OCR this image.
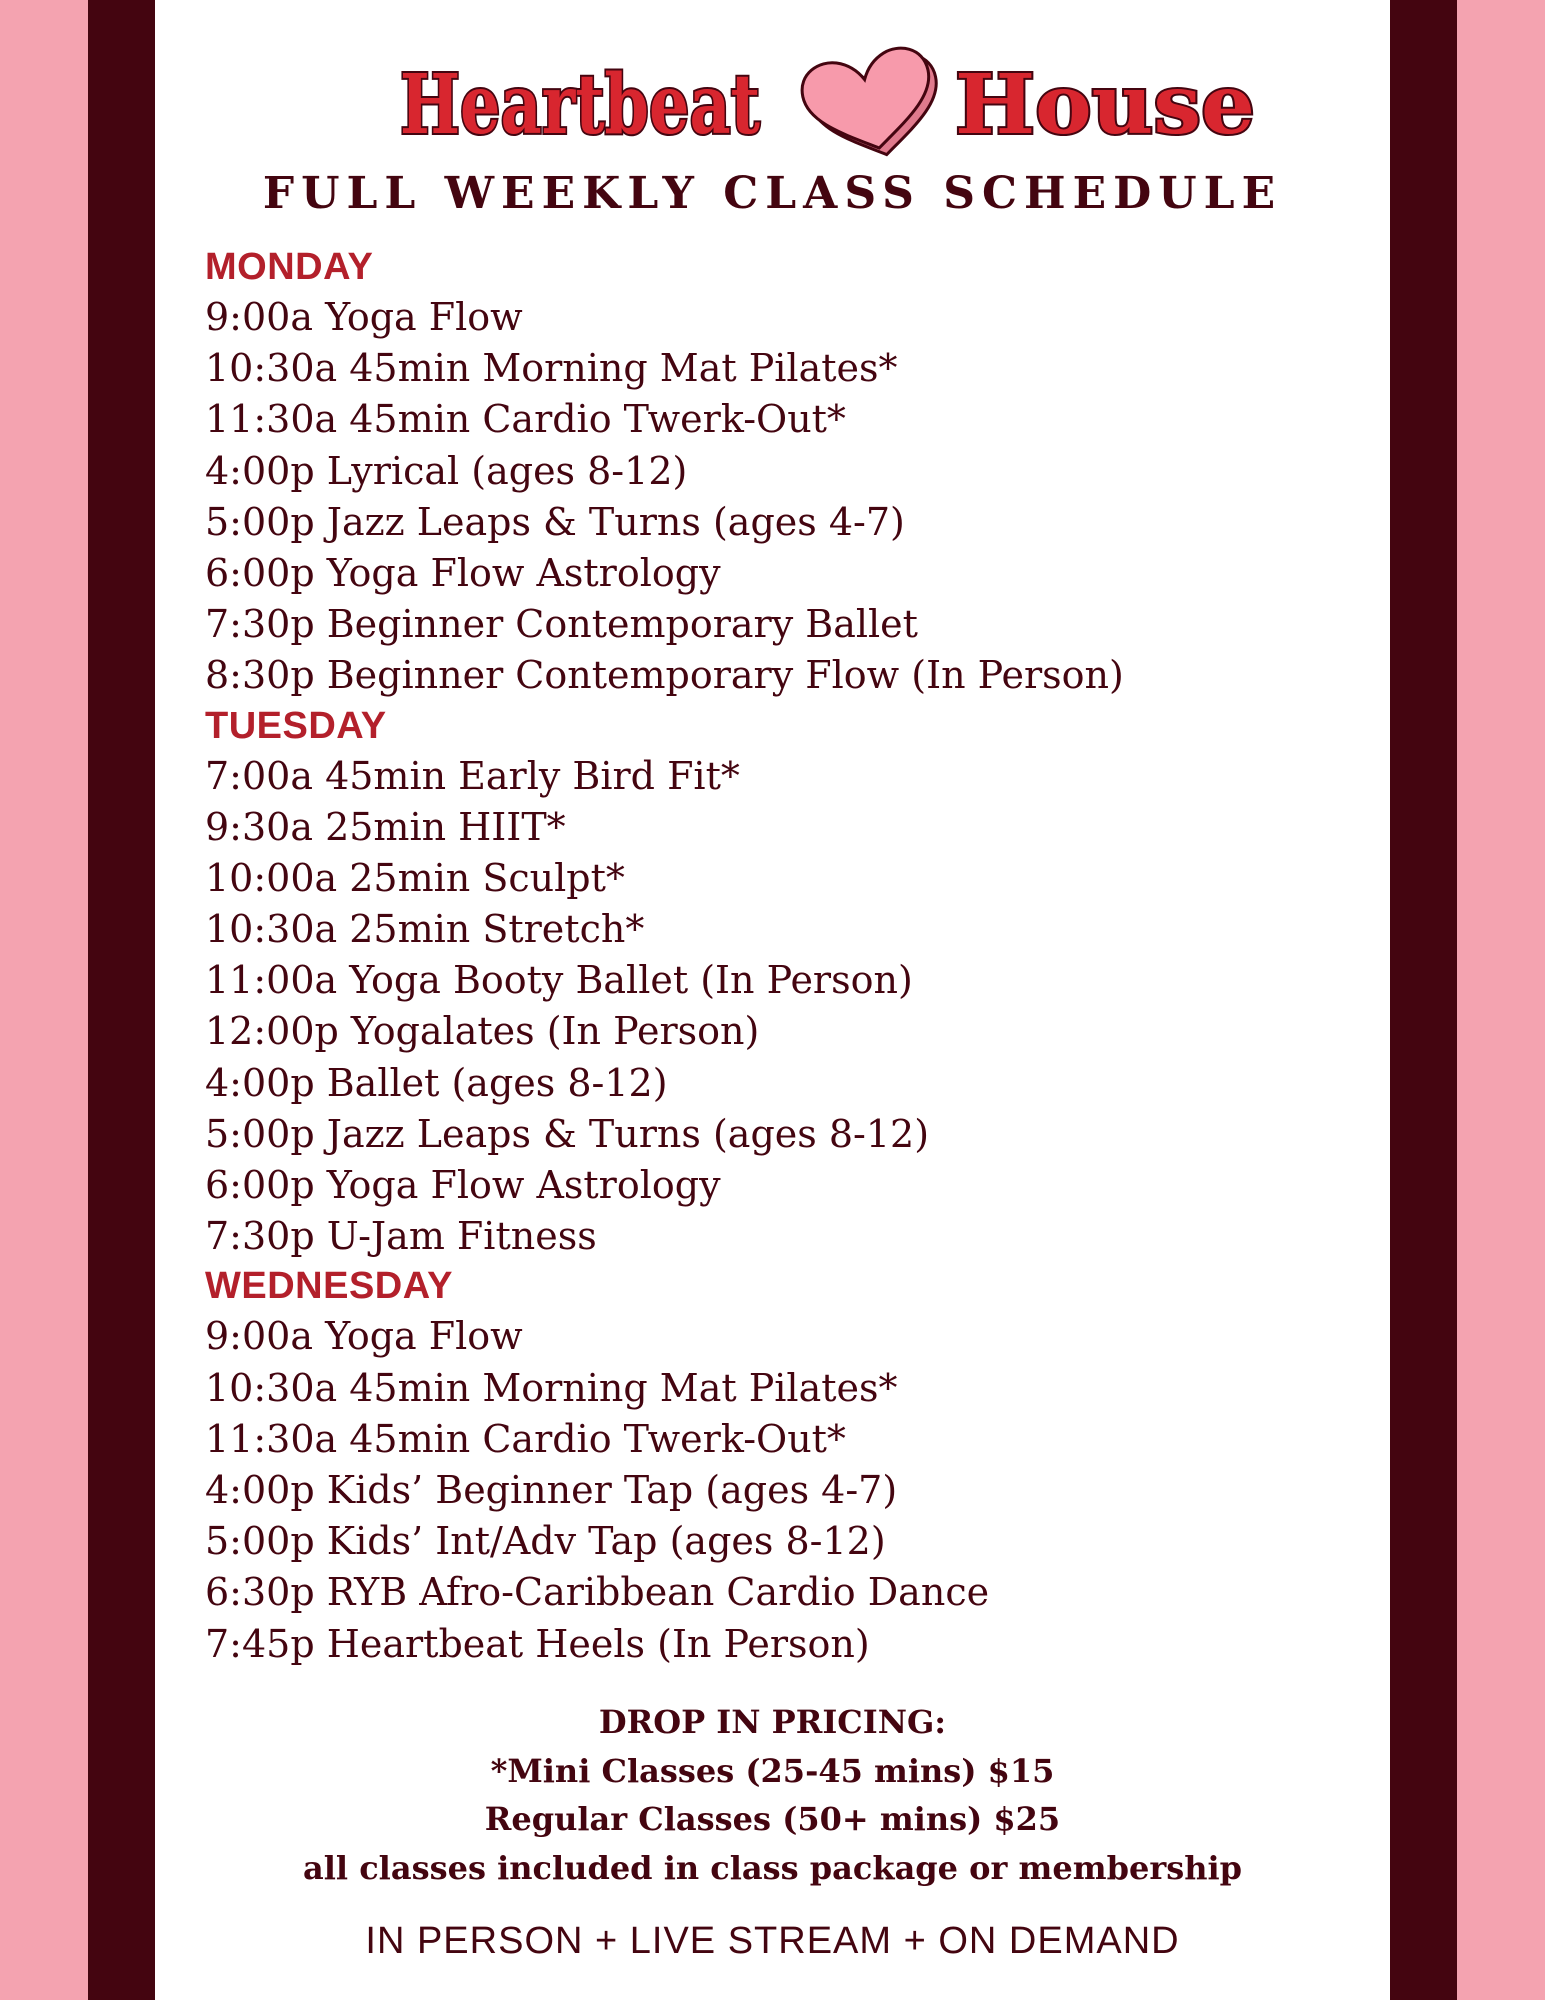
Heartbeat House
FULL WEEKLY CLASS SCHEDULE
MONDAY
9:00a Yoga Flow
10:30a 45min Morning Mat Pilates*
11:30a 45min Cardio Twerk-Out*
4:00p Lyrical (ages 8-12)
5:00p Jazz Leaps & Turns (ages 4-7)
6:00p Yoga Flow Astrology
7:30p Beginner Contemporary Ballet
8:30p Beginner Contemporary Flow (In Person)
TUESDAY
7:00a 45min Early Bird Fit*
9:30a 25min HIIT*
10:00a 25min Sculpt*
10:30a 25min Stretch*
11:00a Yoga Booty Ballet (In Person)
12:00p Yogalates (In Person)
4:00p Ballet (ages 8-12)
5:00p Jazz Leaps & Turns (ages 8-12)
6:00p Yoga Flow Astrology
7:30p U-Jam Fitness
WEDNESDAY
9:00a Yoga Flow
10:30a 45min Morning Mat Pilates*
11:30a 45min Cardio Twerk-Out*
4:00p Kids’ Beginner Tap (ages 4-7)
5:00p Kids’ Int/Adv Tap (ages 8-12)
6:30p RYB Afro-Caribbean Cardio Dance
7:45p Heartbeat Heels (In Person)
DROP IN PRICING:
*Mini Classes (25-45 mins) $15
Regular Classes (50+ mins) $25
all classes included in class package or membership
IN PERSON + LIVE STREAM + ON DEMAND
